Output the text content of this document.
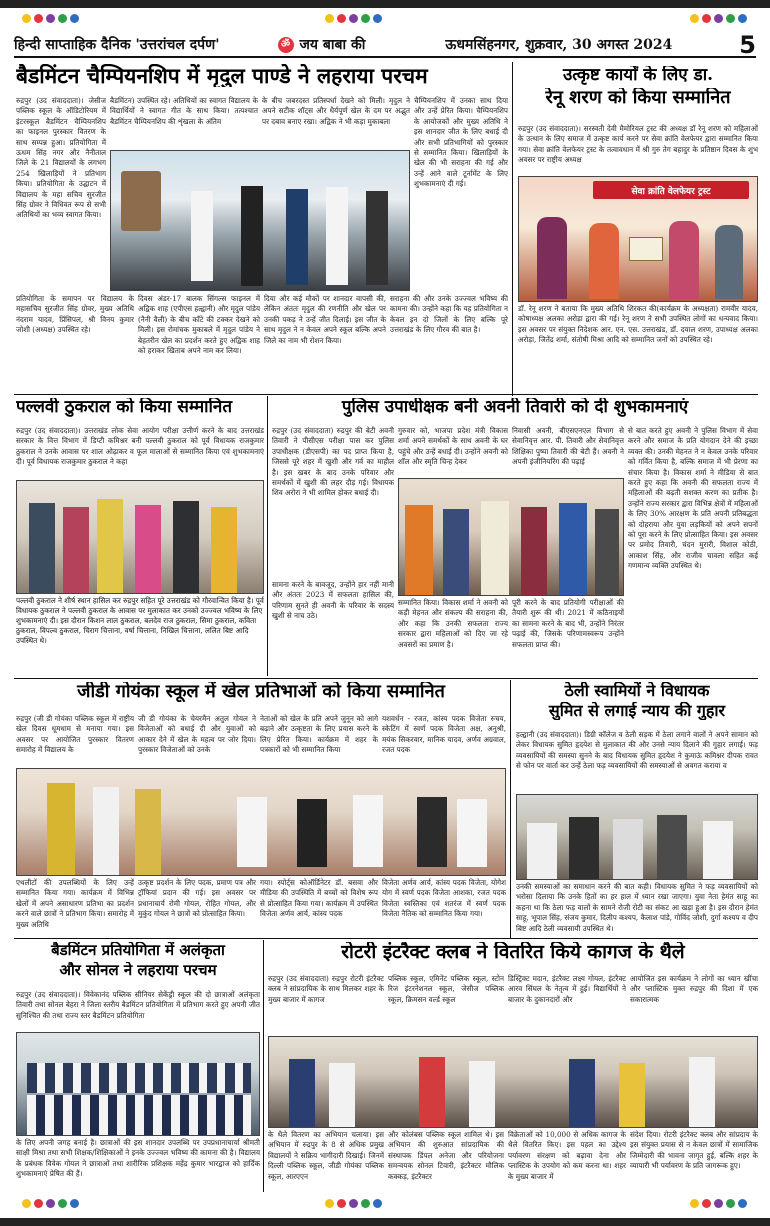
हिन्दी साप्ताहिक दैनिक 'उत्तरांचल दर्पण'	ॐ जय बाबा की	ऊधमसिंहनगर, शुक्रवार, 30 अगस्त 2024	5
बैडमिंटन चैम्पियनशिप में मृदुल पाण्डे ने लहराया परचम
रुद्रपुर (उद संवाददाता)। जेसीज पब्लिक स्कूल के ऑडिटोरियम में इंटरस्कूल बैडमिंटन चैम्पियनशिप का फाइनल पुरस्कार वितरण के साथ सम्पन्न हुआ। प्रतियोगिता में ऊधम सिंह नगर और नैनीताल जिले के 21 विद्यालयों के लगभग 254 खिलाड़ियों ने प्रतिभाग किया। प्रतियोगिता के उद्घाटन में विद्यालय के महा सचिव सुरजीत सिंह ग्रोवर ने विधिवत रूप से सभी अतिथियों का भव्य स्वागत किया।
बैडमिंटन) उपस्थित रहे। अतिथियों का स्वागत विद्यालय के विद्यार्थियों ने स्वागत गीत के साथ किया। तत्पश्चात बैडमिंटन चैम्पियनशिप की शृंखला के अंतिम
के बीच जबरदस्त प्रतिस्पर्धा देखने को मिली। मृदुल ने अपने सटीक शॉट्स और धैर्यपूर्ण खेल के दम पर अद्भुत पर दबाव बनाए रखा। अद्विक ने भी कड़ा मुकाबला
चैम्पियनशिप में उनका साथ दिया और उन्हें प्रेरित किया। चैम्पियनशिप के आयोजकों और मुख्य अतिथि ने इस शानदार जीत के लिए बधाई दी और सभी प्रतिभागियों को पुरस्कार से सम्मानित किया। खिलाड़ियों के खेल की भी सराहना की गई और उन्हें आने वाले टूर्नामेंट के लिए शुभकामनाएं दी गई।
प्रतियोगिता के समापन पर विद्यालय के महासचिव सुरजीत सिंह ग्रोवर, मुख्य अतिथि नंदराम यादव, प्रिंसिपल, श्री विनय कुमार जोशी (अध्यक्ष) उपस्थित रहे।
दिवस अंडर-17 बालक सिंगल्स फाइनल में अद्विक शाह (एपीएस हल्द्वानी) और मृदुल पांडेय (नैनी वैली) के बीच काँटे की टक्कर देखने को मिली। इस रोमांचक मुकाबले में मृदुल पांडेय ने बेहतरीन खेल का प्रदर्शन करते हुए अद्विक शाह को हराकर खिताब अपने नाम कर लिया।
दिया और कई मौकों पर शानदार वापसी की, लेकिन अंततः मृदुल की रणनीति और खेल पर उनकी पकड़ ने उन्हें जीत दिलाई। इस जीत के साथ मृदुल ने न केवल अपने स्कूल बल्कि अपने जिले का नाम भी रोशन किया।
सराहना की और उनके उज्ज्वल भविष्य की कामना की। उन्होंने कहा कि यह प्रतियोगिता न केवल इन दो जिलों के लिए बल्कि पूरे उत्तराखंड के लिए गौरव की बात है।
उत्कृष्ट कार्यों के लिए डा.
रेनू शरण को किया सम्मानित
रुद्रपुर (उद संवाददाता)। सरस्वती देवी मैमोरियल ट्रस्ट की अध्यक्ष डॉ रेनू शरण को महिलाओं के उत्थान के लिए समाज में उत्कृष्ट कार्य करने पर सेवा क्रांति वेलफेयर द्वारा सम्मानित किया गया। सेवा क्रांति वेलफेयर ट्रस्ट के तत्वावधान में श्री गुरु तेग बहादुर के प्रतिष्ठान दिवस के शुभ अवसर पर राष्ट्रीय अध्यक्ष
सेवा क्रांति वेलफेयर ट्रस्ट
डॉ. रेनू शरण ने बताया कि मुख्य अतिथि शिरकत की(कार्यक्रम के अध्यक्षता) रामवीर यादव, कोषाध्यक्ष अलका अरोड़ा द्वारा की गई। रेनू शरण ने सभी उपस्थित लोगों का धन्यवाद किया। इस अवसर पर संयुक्त निदेशक आर. एन. एस. उत्तराखंड, डॉ. दयाल शरण, उपाध्यक्ष अलका अरोड़ा, जितेंद्र शर्मा, संतोषी मिश्रा आदि को सम्मानित जनों को उपस्थित रहे।
पल्लवी ठुकराल को किया सम्मानित
रुद्रपुर (उद संवाददाता)। उत्तराखंड लोक सेवा आयोग परीक्षा उत्तीर्ण करने के बाद उत्तराखंड सरकार के वित्त विभाग में डिप्टी कमिश्नर बनी पल्लवी ठुकराल को पूर्व विधायक राजकुमार ठुकराल ने उनके आवास पर शाल ओढ़ाकर व फूल मालाओं से सम्मानित किया एवं शुभकामनाएं दी। पूर्व विधायक राजकुमार ठुकराल ने कहा
पल्लवी ठुकराल ने शीर्ष स्थान हासिल कर रुद्रपुर सहित पूरे उत्तराखंड को गौरवान्वित किया है। पूर्व विधायक ठुकराल ने पल्लवी ठुकराल के आवास पर मुलाकात कर उनको उज्ज्वल भविष्य के लिए शुभकामनाएं दी। इस दौरान किशन लाल ठुकराल, बलदेव राज ठुकराल, सिमा ठुकराल, कविता ठुकराल, विपल्व ठुकराल, चिराग चित्ताना, वर्षा चित्ताना, निखिल चित्ताना, ललित बिष्ट आदि उपस्थित थे।
पुलिस उपाधीक्षक बनी अवनी तिवारी को दी शुभकामनाएं
रुद्रपुर (उद संवाददाता) रुद्रपुर की बेटी अवनी तिवारी ने पीसीएस परीक्षा पास कर पुलिस उपाधीक्षक (डीएसपी) का पद प्राप्त किया है, जिससे पूरे शहर में खुशी और गर्व का माहौल है। इस खबर के बाद उनके परिवार और समर्थकों में खुशी की लहर दौड़ गई। विधायक शिव अरोरा ने भी शामिल होकर बधाई दी।
सामना करने के बावजूद, उन्होंने हार नहीं मानी और अंततः 2023 में सफलता हासिल की, परिणाम सुनते ही अवनी के परिवार के सदस्य खुशी से नाच उठे।
गुरुवार को, भाजपा प्रदेश मंत्री विकास शर्मा अपने समर्थकों के साथ अवनी के घर पहुंचे और उन्हें बधाई दी। उन्होंने अवनी को शॉल और स्मृति चिन्ह देकर
निवासी अवनी, बीएसएनएल विभाग से सेवानिवृत्त आर. पी. तिवारी और सेवानिवृत्त शिक्षिका पुष्पा तिवारी की बेटी हैं। अवनी ने अपनी इंजीनियरिंग की पढ़ाई
सम्मानित किया। विकास शर्मा ने अवनी को कड़ी मेहनत और संकल्प की सराहना की, और कहा कि उनकी सफलता राज्य सरकार द्वारा महिलाओं को दिए जा रहे अवसरों का प्रमाण है।
पूरी करने के बाद प्रतियोगी परीक्षाओं की तैयारी शुरू की थी। 2021 में कठिनाइयों का सामना करने के बाद भी, उन्होंने निरंतर पढ़ाई की, जिसके परिणामस्वरूप उन्होंने सफलता प्राप्त की।
से बात करते हुए अवनी ने पुलिस विभाग में सेवा करने और समाज के प्रति योगदान देने की इच्छा व्यक्त की। उनकी मेहनत ने न केवल उनके परिवार को गर्वित किया है, बल्कि समाज में भी प्रेरणा का संचार किया है। विकास शर्मा ने मीडिया से बात करते हुए कहा कि अवनी की सफलता राज्य में महिलाओं की बढ़ती सशक्त करण का प्रतीक है। उन्होंने राज्य सरकार द्वारा विभिन्न क्षेत्रों में महिलाओं के लिए 30% आरक्षण के प्रति अपनी प्रतिबद्धता को दोहराया और युवा लड़कियों को अपने सपनों को पूरा करने के लिए प्रोत्साहित किया। इस अवसर पर प्रमोद तिवारी, चंदन मुरारी, विशाल कोठी, आकाश सिंह, और राजीव चावला सहित कई गणमान्य व्यक्ति उपस्थित थे।
जीडी गोयंका स्कूल में खेल प्रतिभाओं को किया सम्मानित
रुद्रपुर (जी डी गोयंका पब्लिक स्कूल में राष्ट्रीय खेल दिवस धूमधाम से मनाया गया। इस अवसर पर आयोजित पुरस्कार वितरण समारोह में विद्यालय के
जी डी गोयंका के चेयरमैन अतुल गोयल ने विजेताओं को बधाई दी और युवाओं को आकार देने में खेल के महत्व पर जोर दिया। पुरस्कार विजेताओं को उनके
नेताओं को खेल के प्रति अपने जुनून को आगे बढ़ाने और उत्कृष्टता के लिए प्रयास करने के लिए प्रेरित किया। कार्यक्रम में शहर के पत्रकारों को भी सम्मानित किया
यशवर्धन - रजत, कांस्य पदक विजेता रुचय, स्केटिंग में स्वर्ण पदक विजेता अक्ष, अनुश्री, मयंक सिकरवार, मानिक यादव, अर्णव अग्रवाल, रजत पदक
एथलीटों की उपलब्धियों के लिए उन्हें सम्मानित किया गया। कार्यक्रम में विभिन्न खेलों में अपने असाधारण प्रतिभा का प्रदर्शन करने वाले छात्रों ने प्रतिभाग किया। समारोह में मुख्य अतिथि
उत्कृष्ट प्रदर्शन के लिए पदक, प्रमाण पत्र और ट्रॉफियां प्रदान की गई। इस अवसर पर प्रधानाचार्य रोमी गोयल, रोहित गोयल, और मुकुंद गोयल ने छात्रों को प्रोत्साहित किया।
गया। स्पोर्ट्स कोऑर्डिनेटर डॉ. बसवा और मीडिया की उपस्थिति में बच्चों को विशेष रूप से प्रोत्साहित किया गया। कार्यक्रम में उपस्थित विजेता अर्णव आर्य, कांस्य पदक
विजेता अर्णव आर्य, कांस्य पदक विजेता, योगेश योग में स्वर्ण पदक विजेता आशका, रजत पदक विजेता स्वस्तिका एवं शतरंज में स्वर्ण पदक विजेता नैतिक को सम्मानित किया गया।
ठेली स्वामियों ने विधायक
सुमित से लगाई न्याय की गुहार
हल्द्वानी (उद संवाददाता)। डिग्री कॉलेज व ठेली सड़क में ठेला लगाने वालों ने अपने सामान को लेकर विधायक सुमित हृदयेश से मुलाकात की और उनसे न्याय दिलाने की गुहार लगाई। फड़ व्यवसायियों की समस्या सुनने के बाद विधायक सुमित हृदयेश ने कुमाऊं कमिश्नर दीपक रावत से फोन पर वार्ता कर उन्हें ठेला फड़ व्यवसायियों की समस्याओं से अवगत कराया व
उनकी समस्याओं का समाधान करने की बात कही। विधायक सुमित ने फड़ व्यवसायियों को भरोसा दिलाया कि उनके हितों का हर हाल में ध्यान रखा जाएगा। युवा नेता हेमंत साहू का कहना था कि ठेला फड़ वालों के सामने रोजी रोटी का संकट आ खड़ा हुआ है। इस दौरान हेमंत साहू, भूपाल सिंह, संजय कुमार, दिलीप कश्यप, कैलाश पांडे, गोविंद जोशी, दुर्गा कश्यप व दीप बिष्ट आदि ठेली व्यवसायी उपस्थित थे।
बैडमिंटन प्रतियोगिता में अलंकृता
और सोनल ने लहराया परचम
रुद्रपुर (उद संवाददाता)। विवेकानंद पब्लिक सीनियर सेकेंड्री स्कूल की दो छात्राओं अलंकृता तिवारी तथा सोनल बेहरा ने जिला स्तरीय बैडमिंटन प्रतियोगिता में प्रतिभाग करते हुए अपनी जीत सुनिश्चित की तथा राज्य स्तर बैडमिंटन प्रतियोगिता
के लिए अपनी जगह बनाई है। छात्राओं की इस शानदार उपलब्धि पर उपप्रधानाचार्या श्रीमती साक्षी मिश्रा तथा सभी शिक्षक/शिक्षिकाओं ने इनके उज्ज्वल भविष्य की कामना की है। विद्यालय के प्रबंधक विवेक गोयल ने छात्राओं तथा शारीरिक प्रशिक्षक महेंद्र कुमार भारद्वाज को हार्दिक शुभकामनाएं प्रेषित की हैं।
रोटरी इंटरैक्ट क्लब ने वितरित किये कागज के थैले
रुद्रपुर (उद संवाददाता) रुद्रपुर रोटरी इंटरैक्ट क्लब ने सांप्रदायिक के साथ मिलकर शहर के मुख्य बाजार में कागज
पब्लिक स्कूल, एमिनेंट पब्लिक स्कूल, स्टोन रिज इंटरनेशनल स्कूल, जेसीज पब्लिक स्कूल, क्रिमसन वर्ल्ड स्कूल
डिस्ट्रिक्ट मदान, इंटरैक्ट लक्ष्य गोयल, इंटरैक्ट आरव सिंघल के नेतृत्व में हुई। विद्यार्थियों ने बाजार के दुकानदारों और
आयोजित इस कार्यक्रम ने लोगों का ध्यान खींचा और प्लास्टिक मुक्त रुद्रपुर की दिशा में एक सकारात्मक
के थैले वितरण का अभियान चलाया। इस अभियान में रुद्रपुर के 8 से अधिक प्रमुख विद्यालयों ने सक्रिय भागीदारी दिखाई। जिनमें दिल्ली पब्लिक स्कूल, जीडी गोयंका पब्लिक स्कूल, आरएएन
और कोलंबस पब्लिक स्कूल शामिल थे। इस अभियान की शुरुआत सांप्रदायिक की संस्थापक डिंपल अनेजा और परियोजना समन्वयक सोनल टिवारी, इंटरैक्टर मौलिक कक्कड़, इंटरैक्टर
विक्रेताओं को 10,000 से अधिक कागज के थैले वितरित किए। इस पहल का उद्देश्य पर्यावरण संरक्षण को बढ़ावा देना और प्लास्टिक के उपयोग को कम करना था। शहर के मुख्य बाजार में
संदेश दिया। रोटरी इंटरैक्ट क्लब और सांप्रदाय के इस संयुक्त प्रयास से न केवल छात्रों में सामाजिक जिम्मेदारी की भावना जागृत हुई, बल्कि शहर के व्यापारी भी पर्यावरण के प्रति जागरूक हुए।
